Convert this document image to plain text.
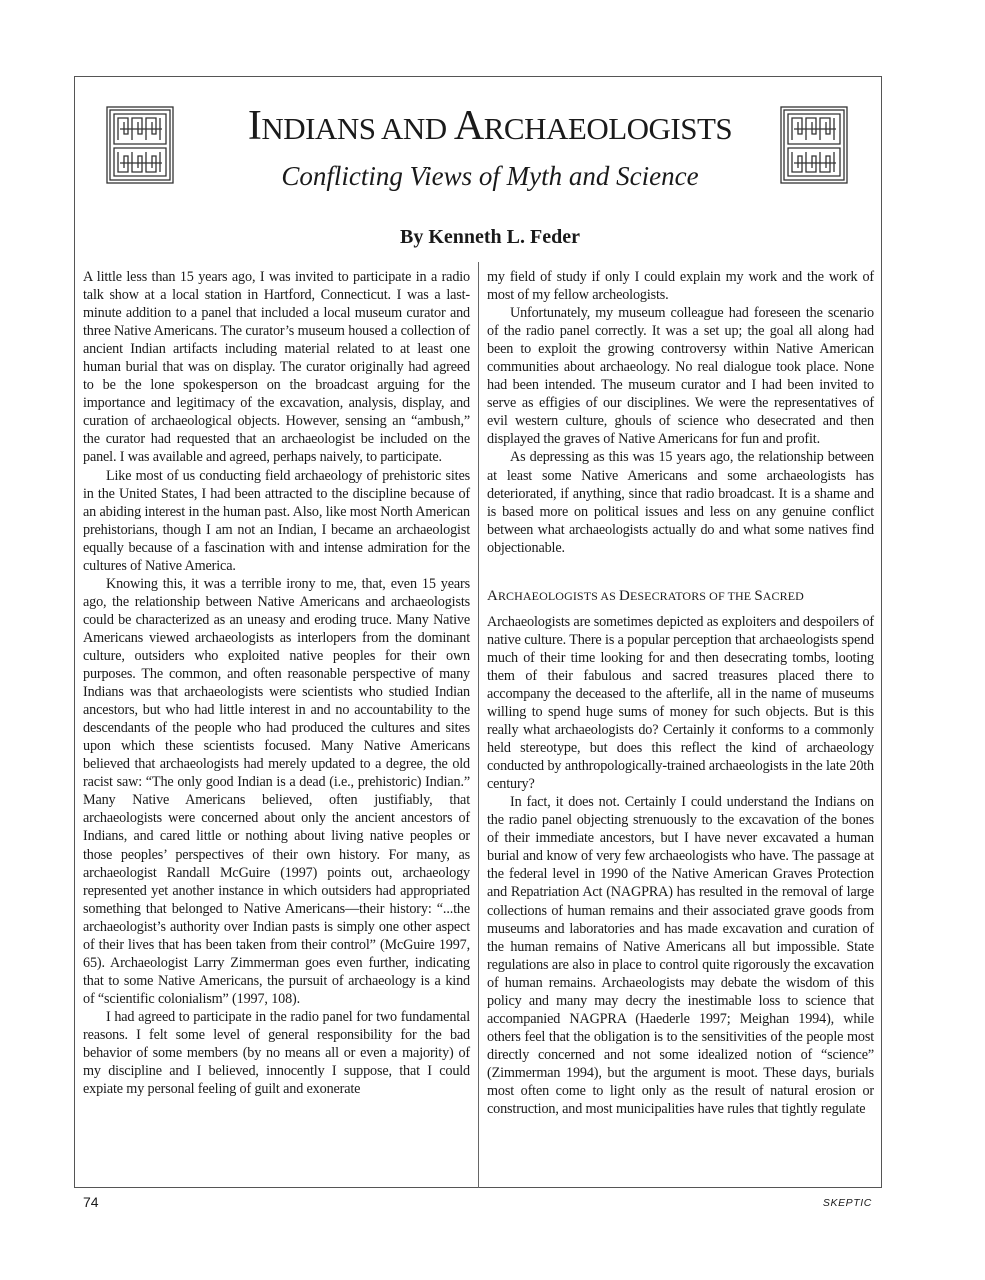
INDIANS AND ARCHAEOLOGISTS
Conflicting Views of Myth and Science
By Kenneth L. Feder

A little less than 15 years ago, I was invited to participate in a radio talk show at a local station in Hartford, Connecticut. I was a last-minute addition to a panel that included a local museum curator and three Native Americans. The curator’s museum housed a collection of ancient Indian artifacts including material related to at least one human burial that was on display. The curator originally had agreed to be the lone spokesperson on the broadcast arguing for the importance and legitimacy of the excavation, analysis, display, and curation of archaeological objects. However, sensing an “ambush,” the curator had requested that an archaeologist be included on the panel. I was available and agreed, perhaps naively, to participate.

Like most of us conducting field archaeology of prehistoric sites in the United States, I had been attracted to the discipline because of an abiding interest in the human past. Also, like most North American prehistorians, though I am not an Indian, I became an archaeologist equally because of a fascination with and intense admiration for the cultures of Native America.

Knowing this, it was a terrible irony to me, that, even 15 years ago, the relationship between Native Americans and archaeologists could be characterized as an uneasy and eroding truce. Many Native Americans viewed archaeologists as interlopers from the dominant culture, outsiders who exploited native peoples for their own purposes. The common, and often reasonable perspective of many Indians was that archaeologists were scientists who studied Indian ancestors, but who had little interest in and no accountability to the descendants of the people who had produced the cultures and sites upon which these scientists focused. Many Native Americans believed that archaeologists had merely updated to a degree, the old racist saw: “The only good Indian is a dead (i.e., prehistoric) Indian.” Many Native Americans believed, often justifiably, that archaeologists were concerned about only the ancient ancestors of Indians, and cared little or nothing about living native peoples or those peoples’ perspectives of their own history. For many, as archaeologist Randall McGuire (1997) points out, archaeology represented yet another instance in which outsiders had appropriated something that belonged to Native Americans—their history: “...the archaeologist’s authority over Indian pasts is simply one other aspect of their lives that has been taken from their control” (McGuire 1997, 65). Archaeologist Larry Zimmerman goes even further, indicating that to some Native Americans, the pursuit of archaeology is a kind of “scientific colonialism” (1997, 108).

I had agreed to participate in the radio panel for two fundamental reasons. I felt some level of general responsibility for the bad behavior of some members (by no means all or even a majority) of my discipline and I believed, innocently I suppose, that I could expiate my personal feeling of guilt and exonerate

my field of study if only I could explain my work and the work of most of my fellow archeologists.

Unfortunately, my museum colleague had foreseen the scenario of the radio panel correctly. It was a set up; the goal all along had been to exploit the growing controversy within Native American communities about archaeology. No real dialogue took place. None had been intended. The museum curator and I had been invited to serve as effigies of our disciplines. We were the representatives of evil western culture, ghouls of science who desecrated and then displayed the graves of Native Americans for fun and profit.

As depressing as this was 15 years ago, the relationship between at least some Native Americans and some archaeologists has deteriorated, if anything, since that radio broadcast. It is a shame and is based more on political issues and less on any genuine conflict between what archaeologists actually do and what some natives find objectionable.

ARCHAEOLOGISTS AS DESECRATORS OF THE SACRED

Archaeologists are sometimes depicted as exploiters and despoilers of native culture. There is a popular perception that archaeologists spend much of their time looking for and then desecrating tombs, looting them of their fabulous and sacred treasures placed there to accompany the deceased to the afterlife, all in the name of museums willing to spend huge sums of money for such objects. But is this really what archaeologists do? Certainly it conforms to a commonly held stereotype, but does this reflect the kind of archaeology conducted by anthropologically-trained archaeologists in the late 20th century?

In fact, it does not. Certainly I could understand the Indians on the radio panel objecting strenuously to the excavation of the bones of their immediate ancestors, but I have never excavated a human burial and know of very few archaeologists who have. The passage at the federal level in 1990 of the Native American Graves Protection and Repatriation Act (NAGPRA) has resulted in the removal of large collections of human remains and their associated grave goods from museums and laboratories and has made excavation and curation of the human remains of Native Americans all but impossible. State regulations are also in place to control quite rigorously the excavation of human remains. Archaeologists may debate the wisdom of this policy and many may decry the inestimable loss to science that accompanied NAGPRA (Haederle 1997; Meighan 1994), while others feel that the obligation is to the sensitivities of the people most directly concerned and not some idealized notion of “science” (Zimmerman 1994), but the argument is moot. These days, burials most often come to light only as the result of natural erosion or construction, and most municipalities have rules that tightly regulate

74	SKEPTIC
